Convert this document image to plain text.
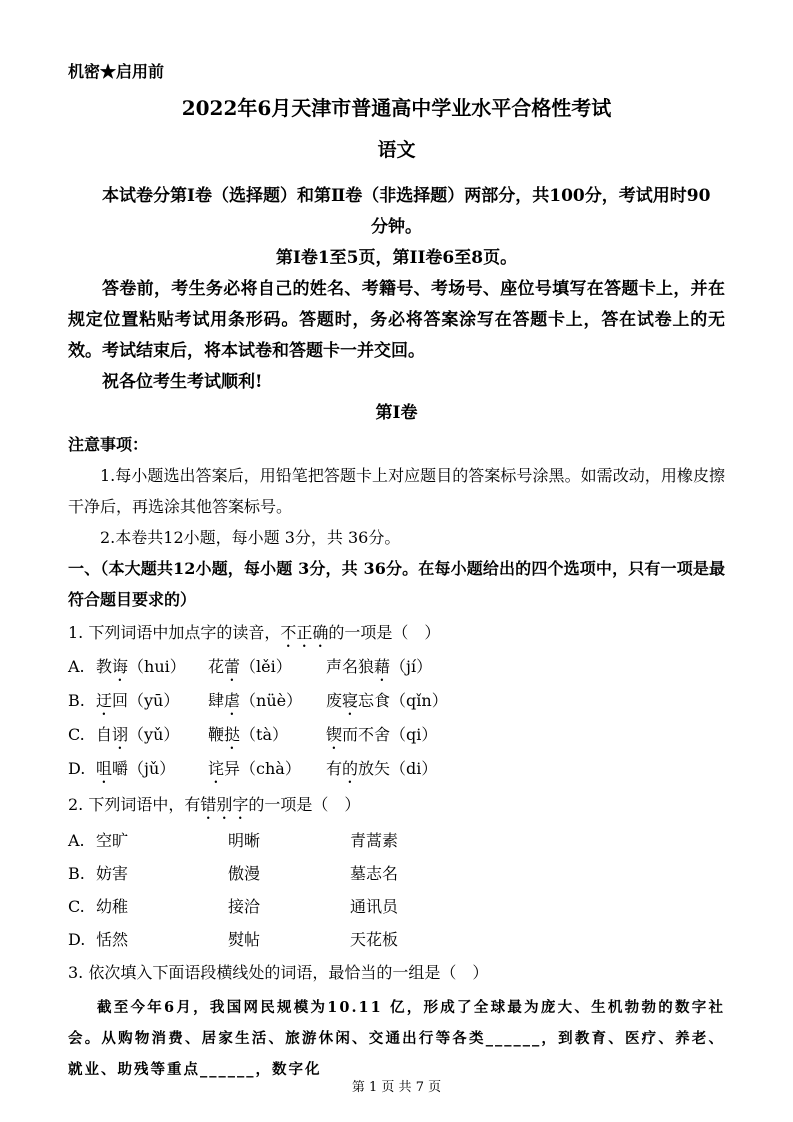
机密★启用前
2022年6月天津市普通高中学业水平合格性考试
语文

本试卷分第Ⅰ卷（选择题）和第Ⅱ卷（非选择题）两部分，共100分，考试用时90

分钟。

第Ⅰ卷1至5页，第II卷6至8页。

答卷前，考生务必将自己的姓名、考籍号、考场号、座位号填写在答题卡上，并在规定位置粘贴考试用条形码。答题时，务必将答案涂写在答题卡上，答在试卷上的无效。考试结束后，将本试卷和答题卡一并交回。

祝各位考生考试顺利!

第Ⅰ卷

注意事项：

1.每小题选出答案后，用铅笔把答题卡上对应题目的答案标号涂黑。如需改动，用橡皮擦干净后，再选涂其他答案标号。

2.本卷共12小题，每小题 3分，共 36分。

一、（本大题共12小题，每小题 3分，共 36分。在每小题给出的四个选项中，只有一项是最符合题目要求的）

1. 下列词语中加点字的读音，不正确的一项是（　）

A. 教诲（hui）	花蕾（lěi）	声名狼藉（jí）
B. 迂回（yū）	肆虐（nüè）	废寝忘食（qǐn）
C. 自诩（yǔ）	鞭挞（tà）	锲而不舍（qi）
D. 咀嚼（jǔ）	诧异（chà）	有的放矢（di）

2. 下列词语中，有错别字的一项是（　）

A. 空旷	明晰	青蒿素
B. 妨害	傲漫	墓志名
C. 幼稚	接洽	通讯员
D. 恬然	熨帖	天花板

3. 依次填入下面语段横线处的词语，最恰当的一组是（　）

截至今年6月，我国网民规模为10.11 亿，形成了全球最为庞大、生机勃勃的数字社会。从购物消费、居家生活、旅游休闲、交通出行等各类______，到教育、医疗、养老、就业、助残等重点______，数字化

第 1 页 共 7 页
